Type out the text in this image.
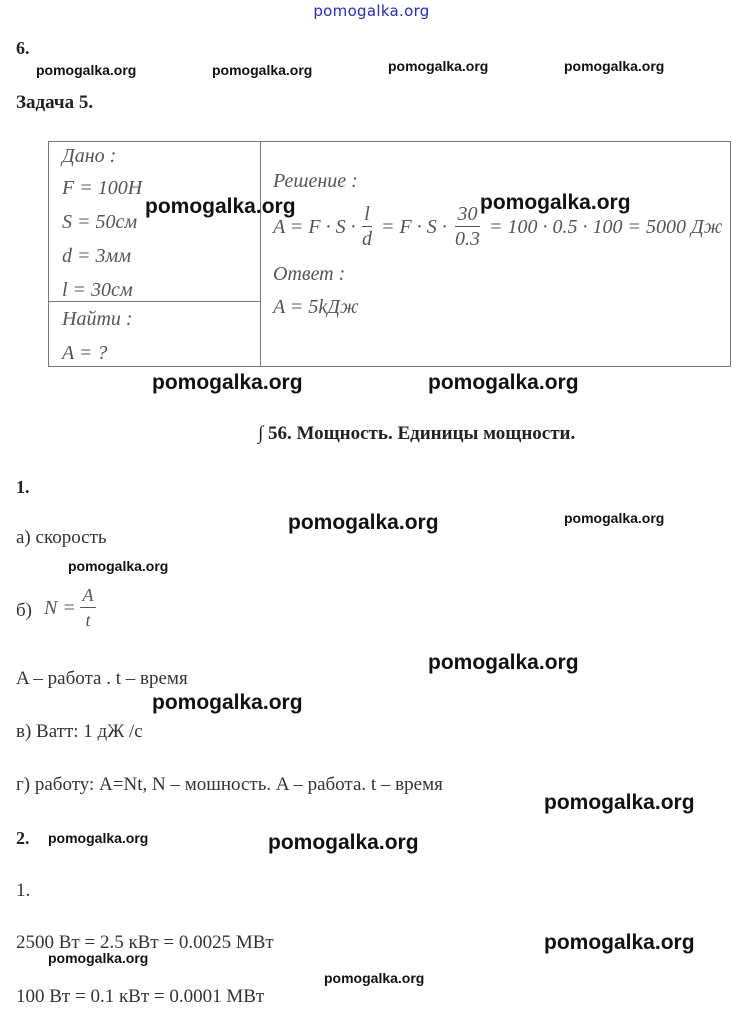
pomogalka.org
6.
pomogalka.org	pomogalka.org	pomogalka.org	pomogalka.org
Задача 5.

Дано :
F = 100H
S = 50см
d = 3мм
l = 30см
Найти :
A = ?
Решение :
A = F · S ·
l
d
= F · S ·
30
0.3
= 100 · 0.5 · 100 = 5000 Дж
Ответ :
A = 5kДж
pomogalka.org	pomogalka.org
pomogalka.org	pomogalka.org
∫ 56. Мощность. Единицы мощности.
1.
pomogalka.org	pomogalka.org
а) скорость
pomogalka.org
б) N =
A
t
pomogalka.org
A – работа . t – время
pomogalka.org
в) Ватт: 1 дЖ /с
г) работу: A=Nt, N – мошность. A – работа. t – время
pomogalka.org
2. pomogalka.org	pomogalka.org
1.
2500 Вт = 2.5 кВт = 0.0025 МВт	pomogalka.org
pomogalka.org
pomogalka.org
100 Вт = 0.1 кВт = 0.0001 МВт
